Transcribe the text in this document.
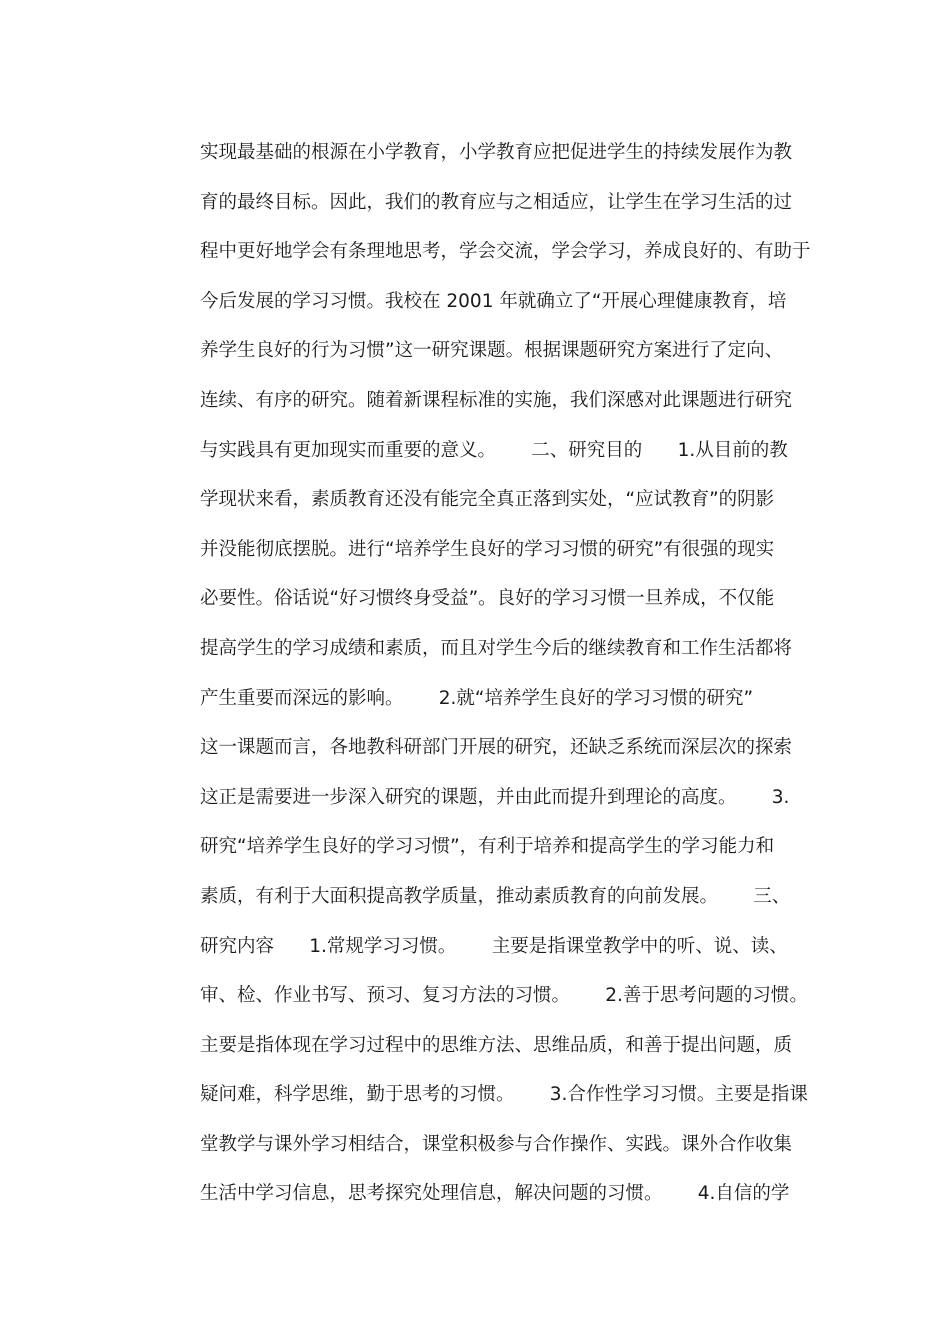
实现最基础的根源在小学教育，小学教育应把促进学生的持续发展作为教
育的最终目标。因此，我们的教育应与之相适应，让学生在学习生活的过
程中更好地学会有条理地思考，学会交流，学会学习，养成良好的、有助于
今后发展的学习习惯。我校在 2001 年就确立了“开展心理健康教育，培
养学生良好的行为习惯”这一研究课题。根据课题研究方案进行了定向、
连续、有序的研究。随着新课程标准的实施，我们深感对此课题进行研究
与实践具有更加现实而重要的意义。      二、研究目的      1.从目前的教
学现状来看，素质教育还没有能完全真正落到实处，“应试教育”的阴影
并没能彻底摆脱。进行“培养学生良好的学习习惯的研究”有很强的现实
必要性。俗话说“好习惯终身受益”。良好的学习习惯一旦养成，不仅能
提高学生的学习成绩和素质，而且对学生今后的继续教育和工作生活都将
产生重要而深远的影响。      2.就“培养学生良好的学习习惯的研究”
这一课题而言，各地教科研部门开展的研究，还缺乏系统而深层次的探索
这正是需要进一步深入研究的课题，并由此而提升到理论的高度。      3.
研究“培养学生良好的学习习惯”，有利于培养和提高学生的学习能力和
素质，有利于大面积提高教学质量，推动素质教育的向前发展。      三、
研究内容      1.常规学习习惯。      主要是指课堂教学中的听、说、读、
审、检、作业书写、预习、复习方法的习惯。      2.善于思考问题的习惯。
主要是指体现在学习过程中的思维方法、思维品质，和善于提出问题，质
疑问难，科学思维，勤于思考的习惯。      3.合作性学习习惯。主要是指课
堂教学与课外学习相结合，课堂积极参与合作操作、实践。课外合作收集
生活中学习信息，思考探究处理信息，解决问题的习惯。      4.自信的学
